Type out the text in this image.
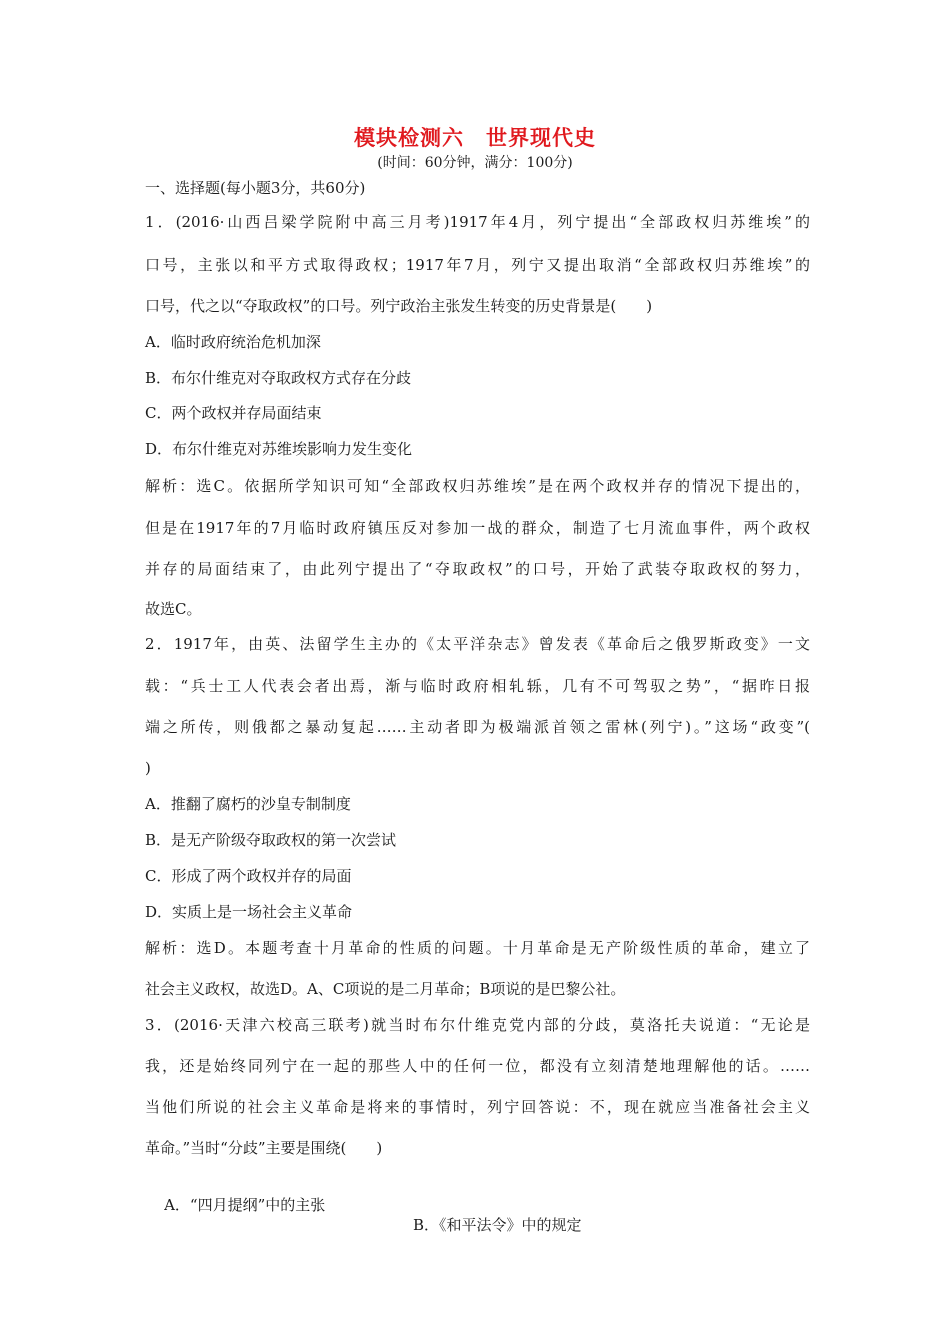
模块检测六　世界现代史
(时间：60分钟，满分：100分)
一、选择题(每小题3分，共60分)
1．(2016·山西吕梁学院附中高三月考)1917年4月，列宁提出“全部政权归苏维埃”的
口号，主张以和平方式取得政权；1917年7月，列宁又提出取消“全部政权归苏维埃”的
口号，代之以“夺取政权”的口号。列宁政治主张发生转变的历史背景是(　　)
A．临时政府统治危机加深
B．布尔什维克对夺取政权方式存在分歧
C．两个政权并存局面结束
D．布尔什维克对苏维埃影响力发生变化
解析：选C。依据所学知识可知“全部政权归苏维埃”是在两个政权并存的情况下提出的，
但是在1917年的7月临时政府镇压反对参加一战的群众，制造了七月流血事件，两个政权
并存的局面结束了，由此列宁提出了“夺取政权”的口号，开始了武装夺取政权的努力，
故选C。
2．1917年，由英、法留学生主办的《太平洋杂志》曾发表《革命后之俄罗斯政变》一文
载：“兵士工人代表会者出焉，渐与临时政府相轧轹，几有不可驾驭之势”，“据昨日报
端之所传，则俄都之暴动复起……主动者即为极端派首领之雷林(列宁)。”这场“政变”(
)
A．推翻了腐朽的沙皇专制制度
B．是无产阶级夺取政权的第一次尝试
C．形成了两个政权并存的局面
D．实质上是一场社会主义革命
解析：选D。本题考查十月革命的性质的问题。十月革命是无产阶级性质的革命，建立了
社会主义政权，故选D。A、C项说的是二月革命；B项说的是巴黎公社。
3．(2016·天津六校高三联考)就当时布尔什维克党内部的分歧，莫洛托夫说道：“无论是
我，还是始终同列宁在一起的那些人中的任何一位，都没有立刻清楚地理解他的话。……
当他们所说的社会主义革命是将来的事情时，列宁回答说：不，现在就应当准备社会主义
革命。”当时“分歧”主要是围绕(　　)

A．“四月提纲”中的主张

B．《和平法令》中的规定
